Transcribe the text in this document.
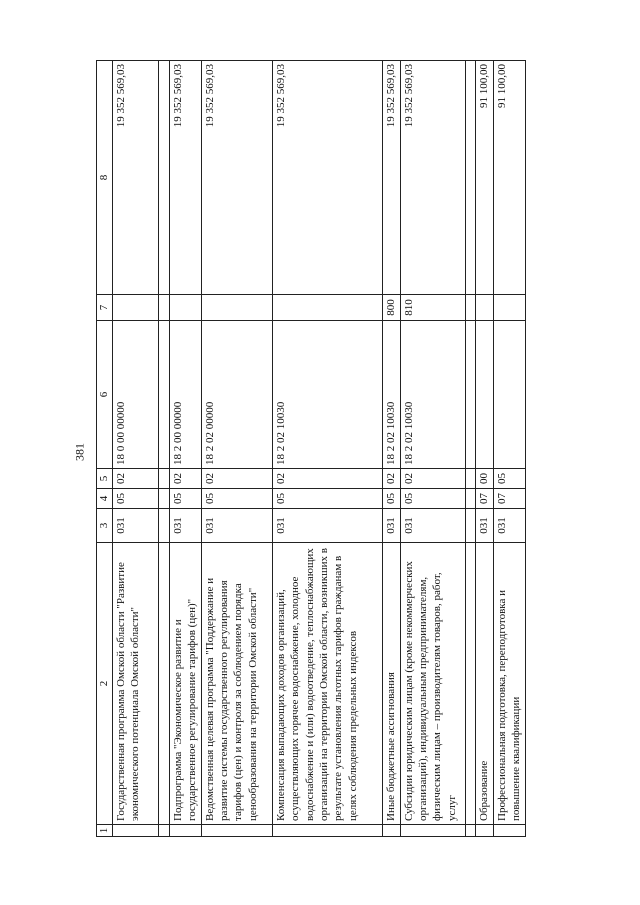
381
1	2	3	4	5	6	7	8
	Государственная программа Омской области "Развитие экономического потенциала Омской области"	031	05	02	18 0 00 00000		19 352 569,03

	Подпрограмма "Экономическое развитие и государственное регулирование тарифов (цен)"	031	05	02	18 2 00 00000		19 352 569,03
	Ведомственная целевая программа "Поддержание и развитие системы государственного регулирования тарифов (цен) и контроля за соблюдением порядка ценообразования на территории Омской области"	031	05	02	18 2 02 00000		19 352 569,03
	Компенсация выпадающих доходов организаций, осуществляющих горячее водоснабжение, холодное водоснабжение и (или) водоотведение, теплоснабжающих организаций на территории Омской области, возникших в результате установления льготных тарифов гражданам в целях соблюдения предельных индексов	031	05	02	18 2 02 10030		19 352 569,03
	Иные бюджетные ассигнования	031	05	02	18 2 02 10030	800	19 352 569,03
	Субсидии юридическим лицам (кроме некоммерческих организаций), индивидуальным предпринимателям, физическим лицам – производителям товаров, работ, услуг	031	05	02	18 2 02 10030	810	19 352 569,03

	Образование	031	07	00			91 100,00
	Профессиональная подготовка, переподготовка и повышение квалификации	031	07	05			91 100,00
